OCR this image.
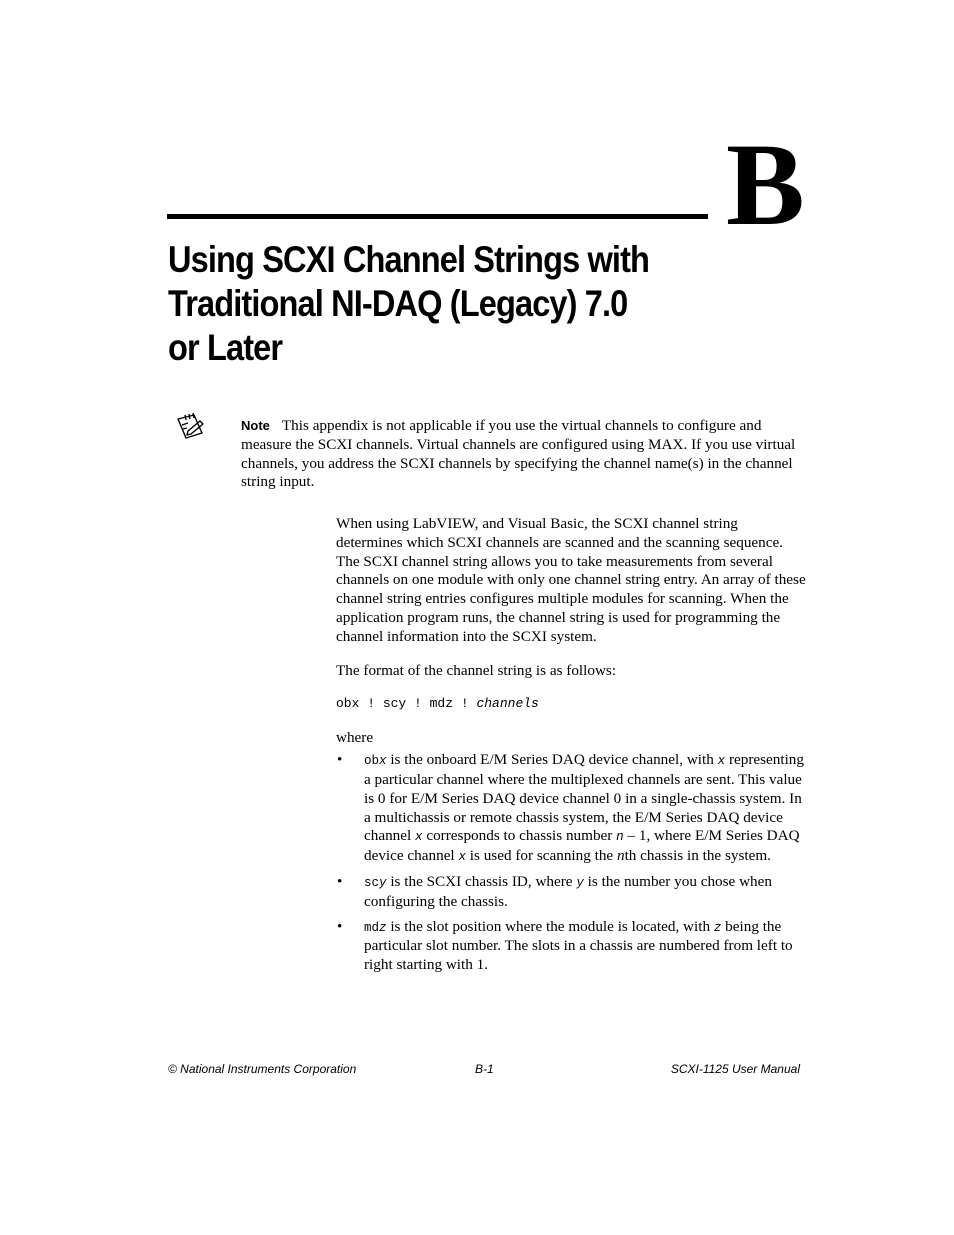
B
Using SCXI Channel Strings with
Traditional NI-DAQ (Legacy) 7.0
or Later
Note This appendix is not applicable if you use the virtual channels to configure and measure the SCXI channels. Virtual channels are configured using MAX. If you use virtual channels, you address the SCXI channels by specifying the channel name(s) in the channel string input.

When using LabVIEW, and Visual Basic, the SCXI channel string determines which SCXI channels are scanned and the scanning sequence. The SCXI channel string allows you to take measurements from several channels on one module with only one channel string entry. An array of these channel string entries configures multiple modules for scanning. When the application program runs, the channel string is used for programming the channel information into the SCXI system.

The format of the channel string is as follows:

obx ! scy ! mdz ! channels
where
• obx is the onboard E/M Series DAQ device channel, with x representing a particular channel where the multiplexed channels are sent. This value is 0 for E/M Series DAQ device channel 0 in a single-chassis system. In a multichassis or remote chassis system, the E/M Series DAQ device channel x corresponds to chassis number n – 1, where E/M Series DAQ device channel x is used for scanning the nth chassis in the system.
• scy is the SCXI chassis ID, where y is the number you chose when configuring the chassis.
• mdz is the slot position where the module is located, with z being the particular slot number. The slots in a chassis are numbered from left to right starting with 1.
© National Instruments Corporation	B-1	SCXI-1125 User Manual
